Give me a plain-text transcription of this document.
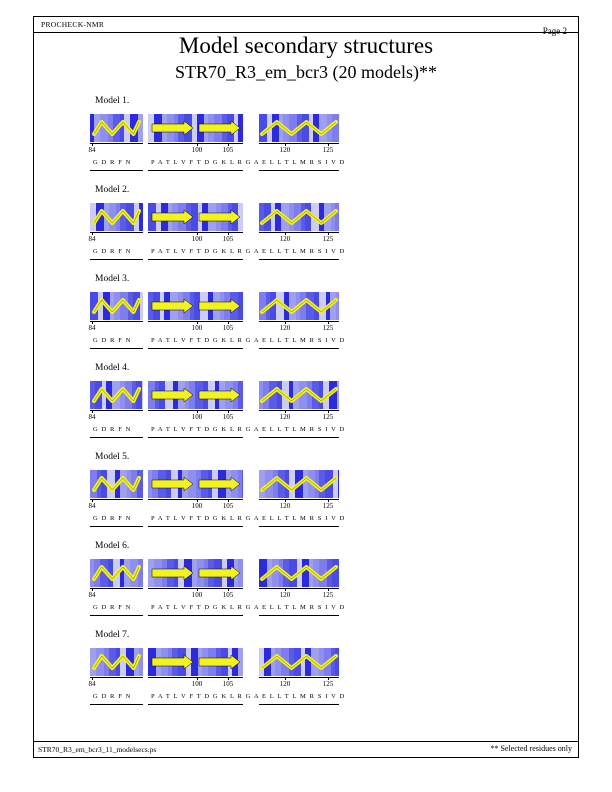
PROCHECK-NMR
Page 2
Model secondary structures
STR70_R3_em_bcr3 (20 models)**
Model 1.
84
G D R F N
100	105
P A T L V F T D G K L R G A
120	125
E L L T L M R S I V D
Model 2.
84
G D R F N
100	105
P A T L V F T D G K L R G A
120	125
E L L T L M R S I V D
Model 3.
84
G D R F N
100	105
P A T L V F T D G K L R G A
120	125
E L L T L M R S I V D
Model 4.
84
G D R F N
100	105
P A T L V F T D G K L R G A
120	125
E L L T L M R S I V D
Model 5.
84
G D R F N
100	105
P A T L V F T D G K L R G A
120	125
E L L T L M R S I V D
Model 6.
84
G D R F N
100	105
P A T L V F T D G K L R G A
120	125
E L L T L M R S I V D
Model 7.
84
G D R F N
100	105
P A T L V F T D G K L R G A
120	125
E L L T L M R S I V D
STR70_R3_em_bcr3_11_modelsecs.ps	** Selected residues only
